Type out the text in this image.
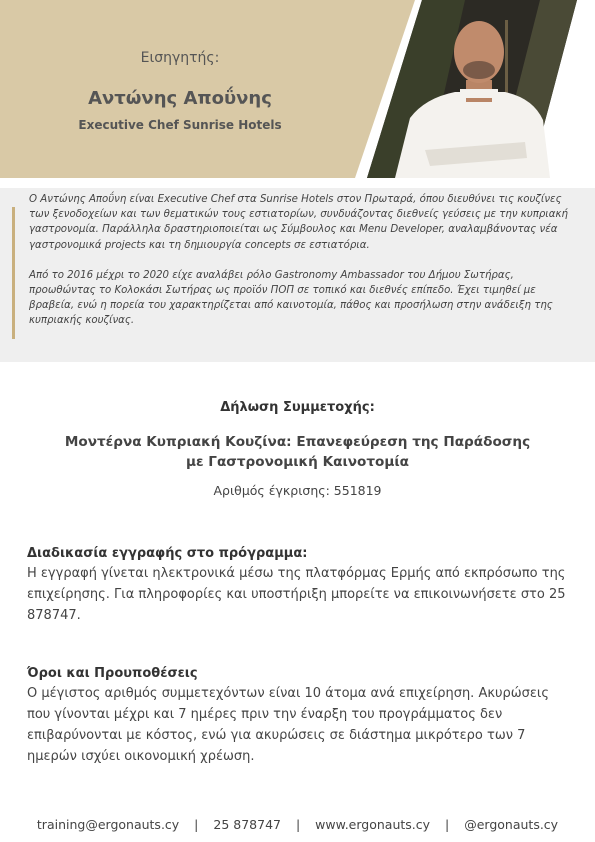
Εισηγητής:
Αντώνης Αποΰνης
Executive Chef Sunrise Hotels

Ο Αντώνης Αποΰνη είναι Executive Chef στα Sunrise Hotels στον Πρωταρά, όπου διευθύνει τις κουζίνες των ξενοδοχείων και των θεματικών τους εστιατορίων, συνδυάζοντας διεθνείς γεύσεις με την κυπριακή γαστρονομία. Παράλληλα δραστηριοποιείται ως Σύμβουλος και Menu Developer, αναλαμβάνοντας νέα γαστρονομικά projects και τη δημιουργία concepts σε εστιατόρια.

Από το 2016 μέχρι το 2020 είχε αναλάβει ρόλο Gastronomy Ambassador του Δήμου Σωτήρας, προωθώντας το Κολοκάσι Σωτήρας ως προϊόν ΠΟΠ σε τοπικό και διεθνές επίπεδο. Έχει τιμηθεί με βραβεία, ενώ η πορεία του χαρακτηρίζεται από καινοτομία, πάθος και προσήλωση στην ανάδειξη της κυπριακής κουζίνας.

Δήλωση Συμμετοχής:
Μοντέρνα Κυπριακή Κουζίνα: Επανεφεύρεση της Παράδοσης
με Γαστρονομική Καινοτομία
Αριθμός έγκρισης: 551819
Διαδικασία εγγραφής στο πρόγραμμα:
Η εγγραφή γίνεται ηλεκτρονικά μέσω της πλατφόρμας Ερμής από εκπρόσωπο της επιχείρησης. Για πληροφορίες και υποστήριξη μπορείτε να επικοινωνήσετε στο 25 878747.
Όροι και Προυποθέσεις
Ο μέγιστος αριθμός συμμετεχόντων είναι 10 άτομα ανά επιχείρηση. Ακυρώσεις που γίνονται μέχρι και 7 ημέρες πριν την έναρξη του προγράμματος δεν επιβαρύνονται με κόστος, ενώ για ακυρώσεις σε διάστημα μικρότερο των 7 ημερών ισχύει οικονομική χρέωση.
training@ergonauts.cy | 25 878747 | www.ergonauts.cy | @ergonauts.cy
